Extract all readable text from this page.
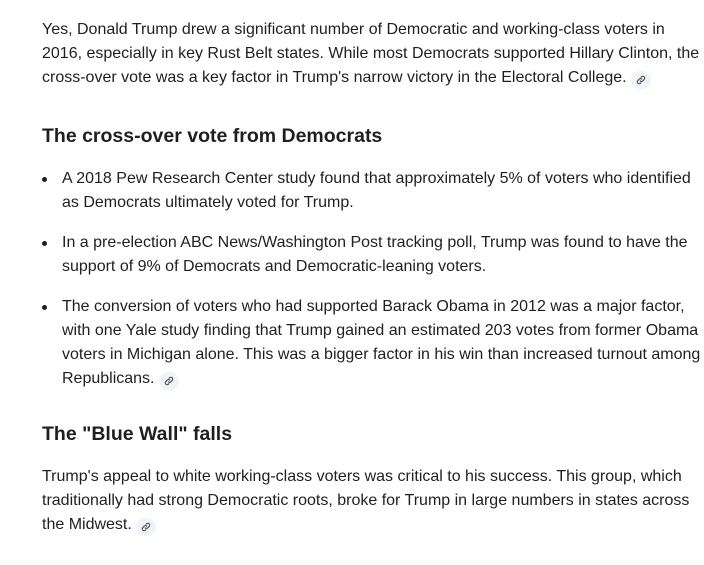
Yes, Donald Trump drew a significant number of Democratic and working-class voters in 2016, especially in key Rust Belt states. While most Democrats supported Hillary Clinton, the cross-over vote was a key factor in Trump's narrow victory in the Electoral College.

The cross-over vote from Democrats
A 2018 Pew Research Center study found that approximately 5% of voters who identified as Democrats ultimately voted for Trump.
In a pre-election ABC News/Washington Post tracking poll, Trump was found to have the support of 9% of Democrats and Democratic-leaning voters.
The conversion of voters who had supported Barack Obama in 2012 was a major factor, with one Yale study finding that Trump gained an estimated 203 votes from former Obama voters in Michigan alone. This was a bigger factor in his win than increased turnout among Republicans.
The "Blue Wall" falls

Trump's appeal to white working-class voters was critical to his success. This group, which traditionally had strong Democratic roots, broke for Trump in large numbers in states across the Midwest.
